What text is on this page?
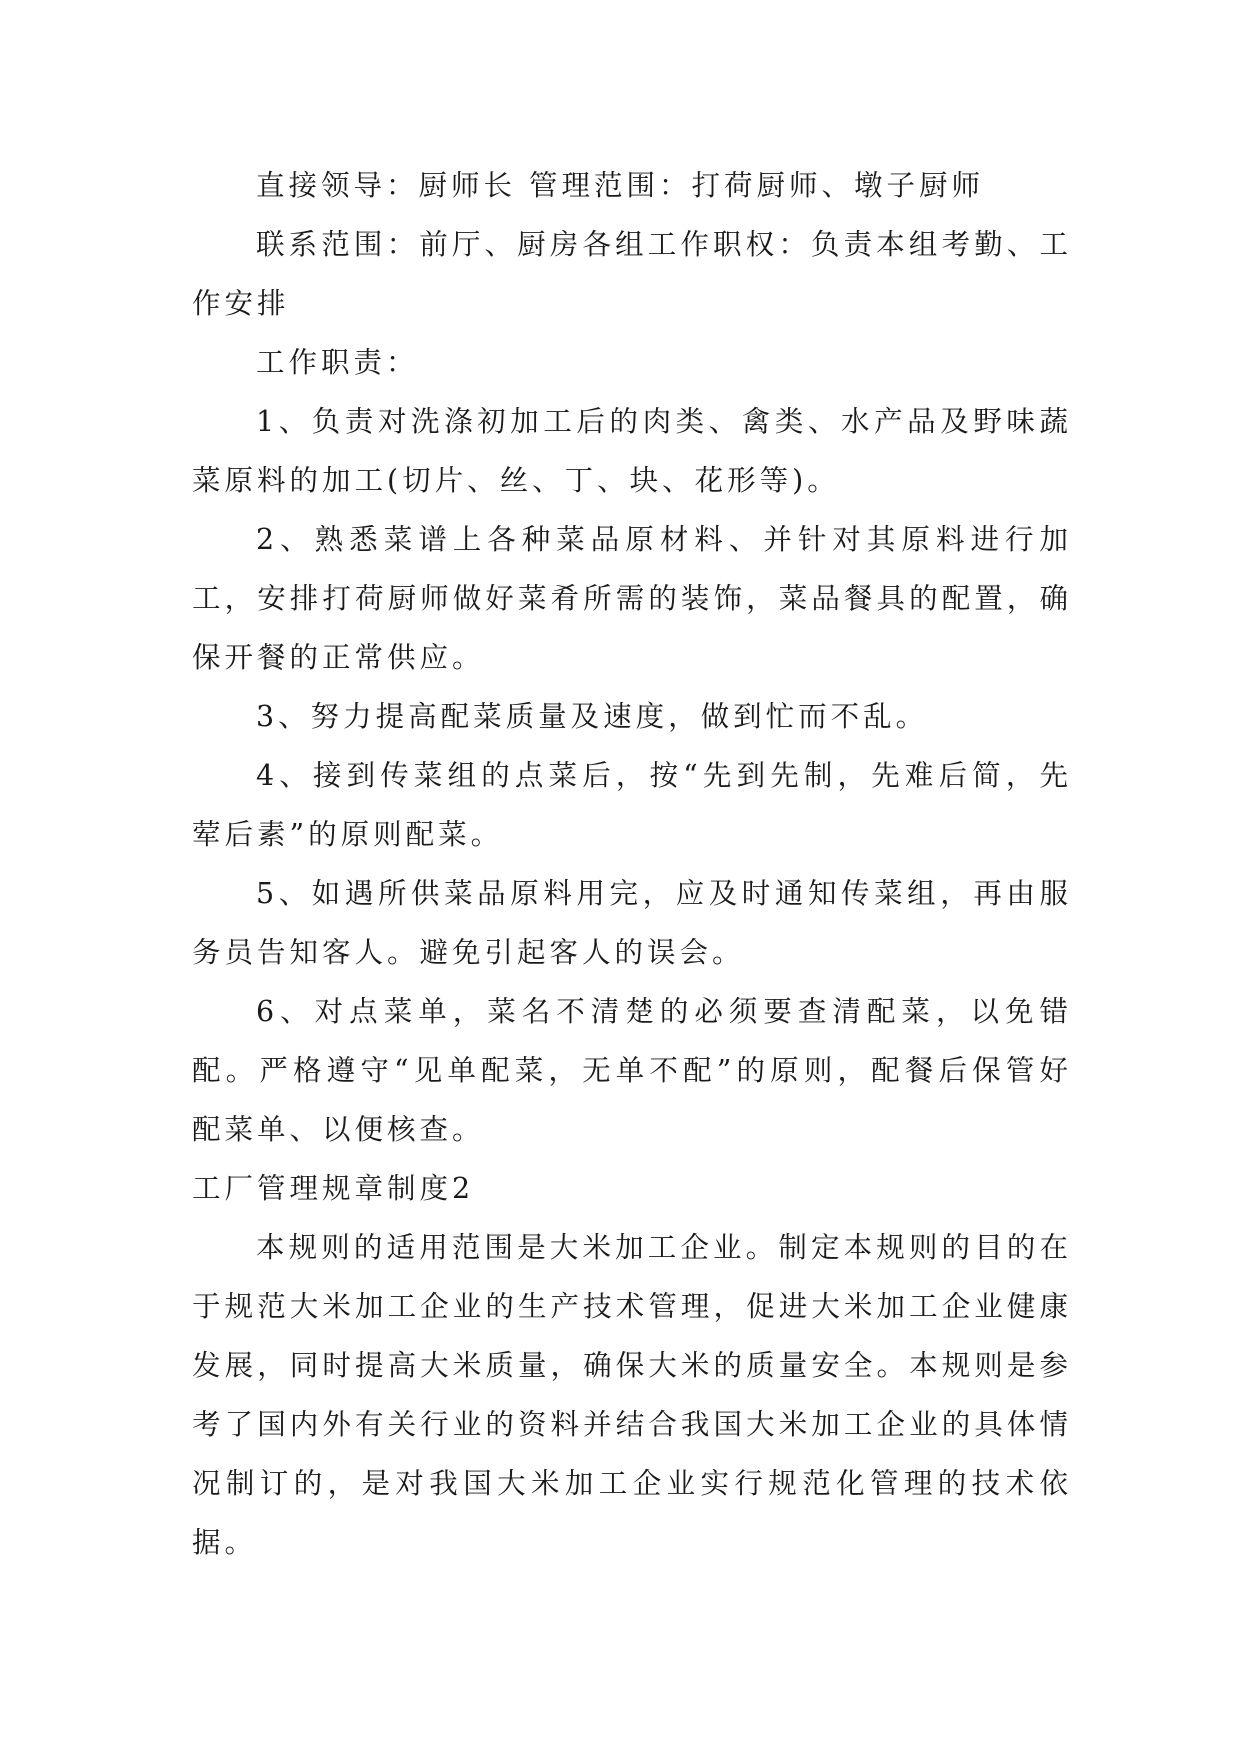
直接领导：厨师长 管理范围：打荷厨师、墩子厨师

联系范围：前厅、厨房各组工作职权：负责本组考勤、工作安排

工作职责：

1、负责对洗涤初加工后的肉类、禽类、水产品及野味蔬菜原料的加工(切片、丝、丁、块、花形等)。

2、熟悉菜谱上各种菜品原材料、并针对其原料进行加工，安排打荷厨师做好菜肴所需的装饰，菜品餐具的配置，确保开餐的正常供应。

3、努力提高配菜质量及速度，做到忙而不乱。

4、接到传菜组的点菜后，按“先到先制，先难后简，先荤后素”的原则配菜。

5、如遇所供菜品原料用完，应及时通知传菜组，再由服务员告知客人。避免引起客人的误会。

6、对点菜单，菜名不清楚的必须要查清配菜，以免错配。严格遵守“见单配菜，无单不配”的原则，配餐后保管好配菜单、以便核查。

工厂管理规章制度2

本规则的适用范围是大米加工企业。制定本规则的目的在于规范大米加工企业的生产技术管理，促进大米加工企业健康发展，同时提高大米质量，确保大米的质量安全。本规则是参考了国内外有关行业的资料并结合我国大米加工企业的具体情况制订的，是对我国大米加工企业实行规范化管理的技术依据。
